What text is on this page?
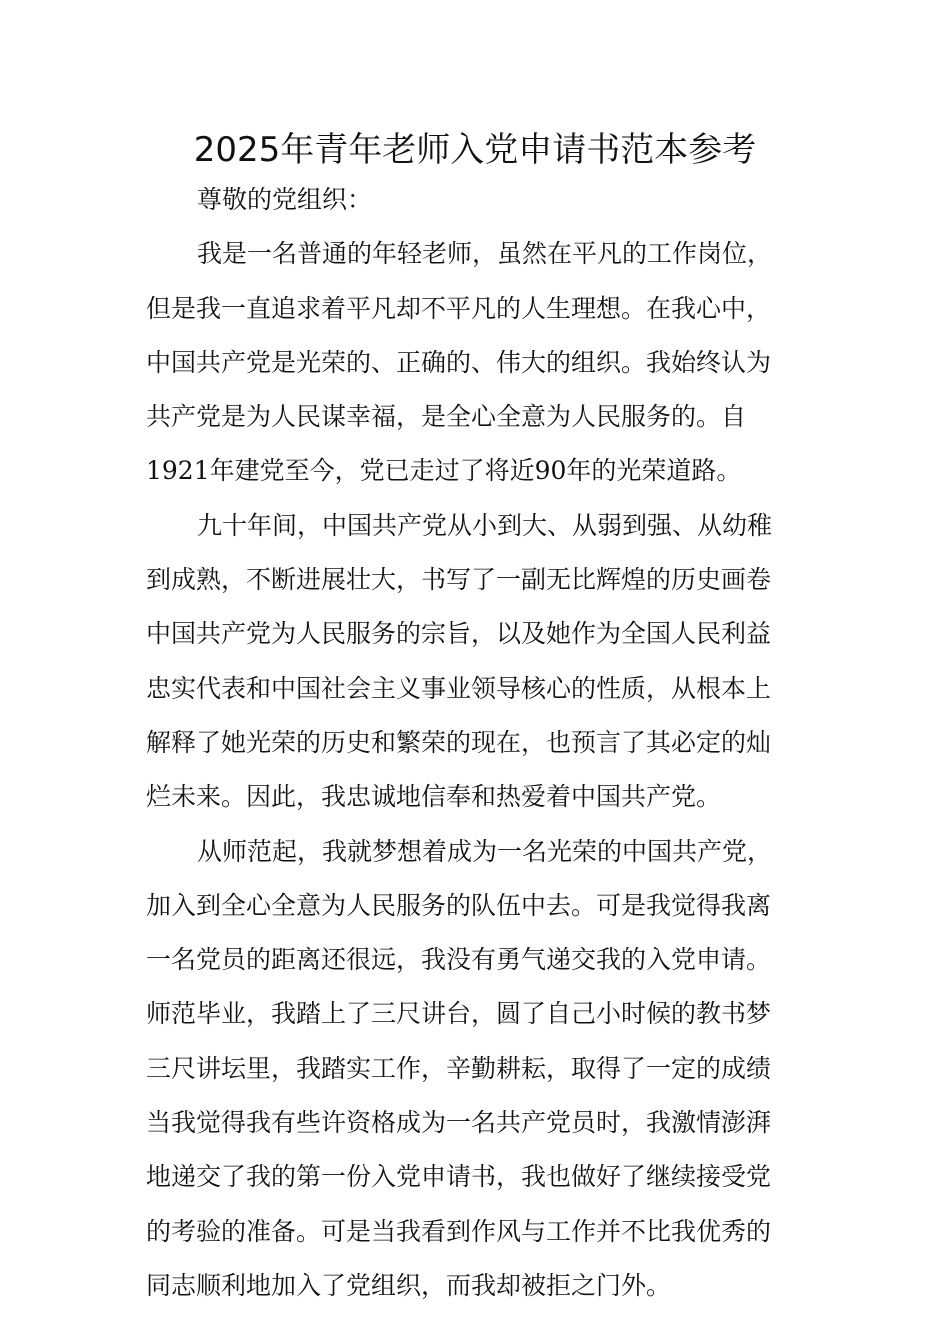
2025年青年老师入党申请书范本参考
尊敬的党组织：
我是一名普通的年轻老师，虽然在平凡的工作岗位，
但是我一直追求着平凡却不平凡的人生理想。在我心中，
中国共产党是光荣的、正确的、伟大的组织。我始终认为
共产党是为人民谋幸福，是全心全意为人民服务的。自
1921年建党至今，党已走过了将近90年的光荣道路。
九十年间，中国共产党从小到大、从弱到强、从幼稚
到成熟，不断进展壮大，书写了一副无比辉煌的历史画卷
中国共产党为人民服务的宗旨，以及她作为全国人民利益
忠实代表和中国社会主义事业领导核心的性质，从根本上
解释了她光荣的历史和繁荣的现在，也预言了其必定的灿
烂未来。因此，我忠诚地信奉和热爱着中国共产党。
从师范起，我就梦想着成为一名光荣的中国共产党，
加入到全心全意为人民服务的队伍中去。可是我觉得我离
一名党员的距离还很远，我没有勇气递交我的入党申请。
师范毕业，我踏上了三尺讲台，圆了自己小时候的教书梦
三尺讲坛里，我踏实工作，辛勤耕耘，取得了一定的成绩
当我觉得我有些许资格成为一名共产党员时，我激情澎湃
地递交了我的第一份入党申请书，我也做好了继续接受党
的考验的准备。可是当我看到作风与工作并不比我优秀的
同志顺利地加入了党组织，而我却被拒之门外。
